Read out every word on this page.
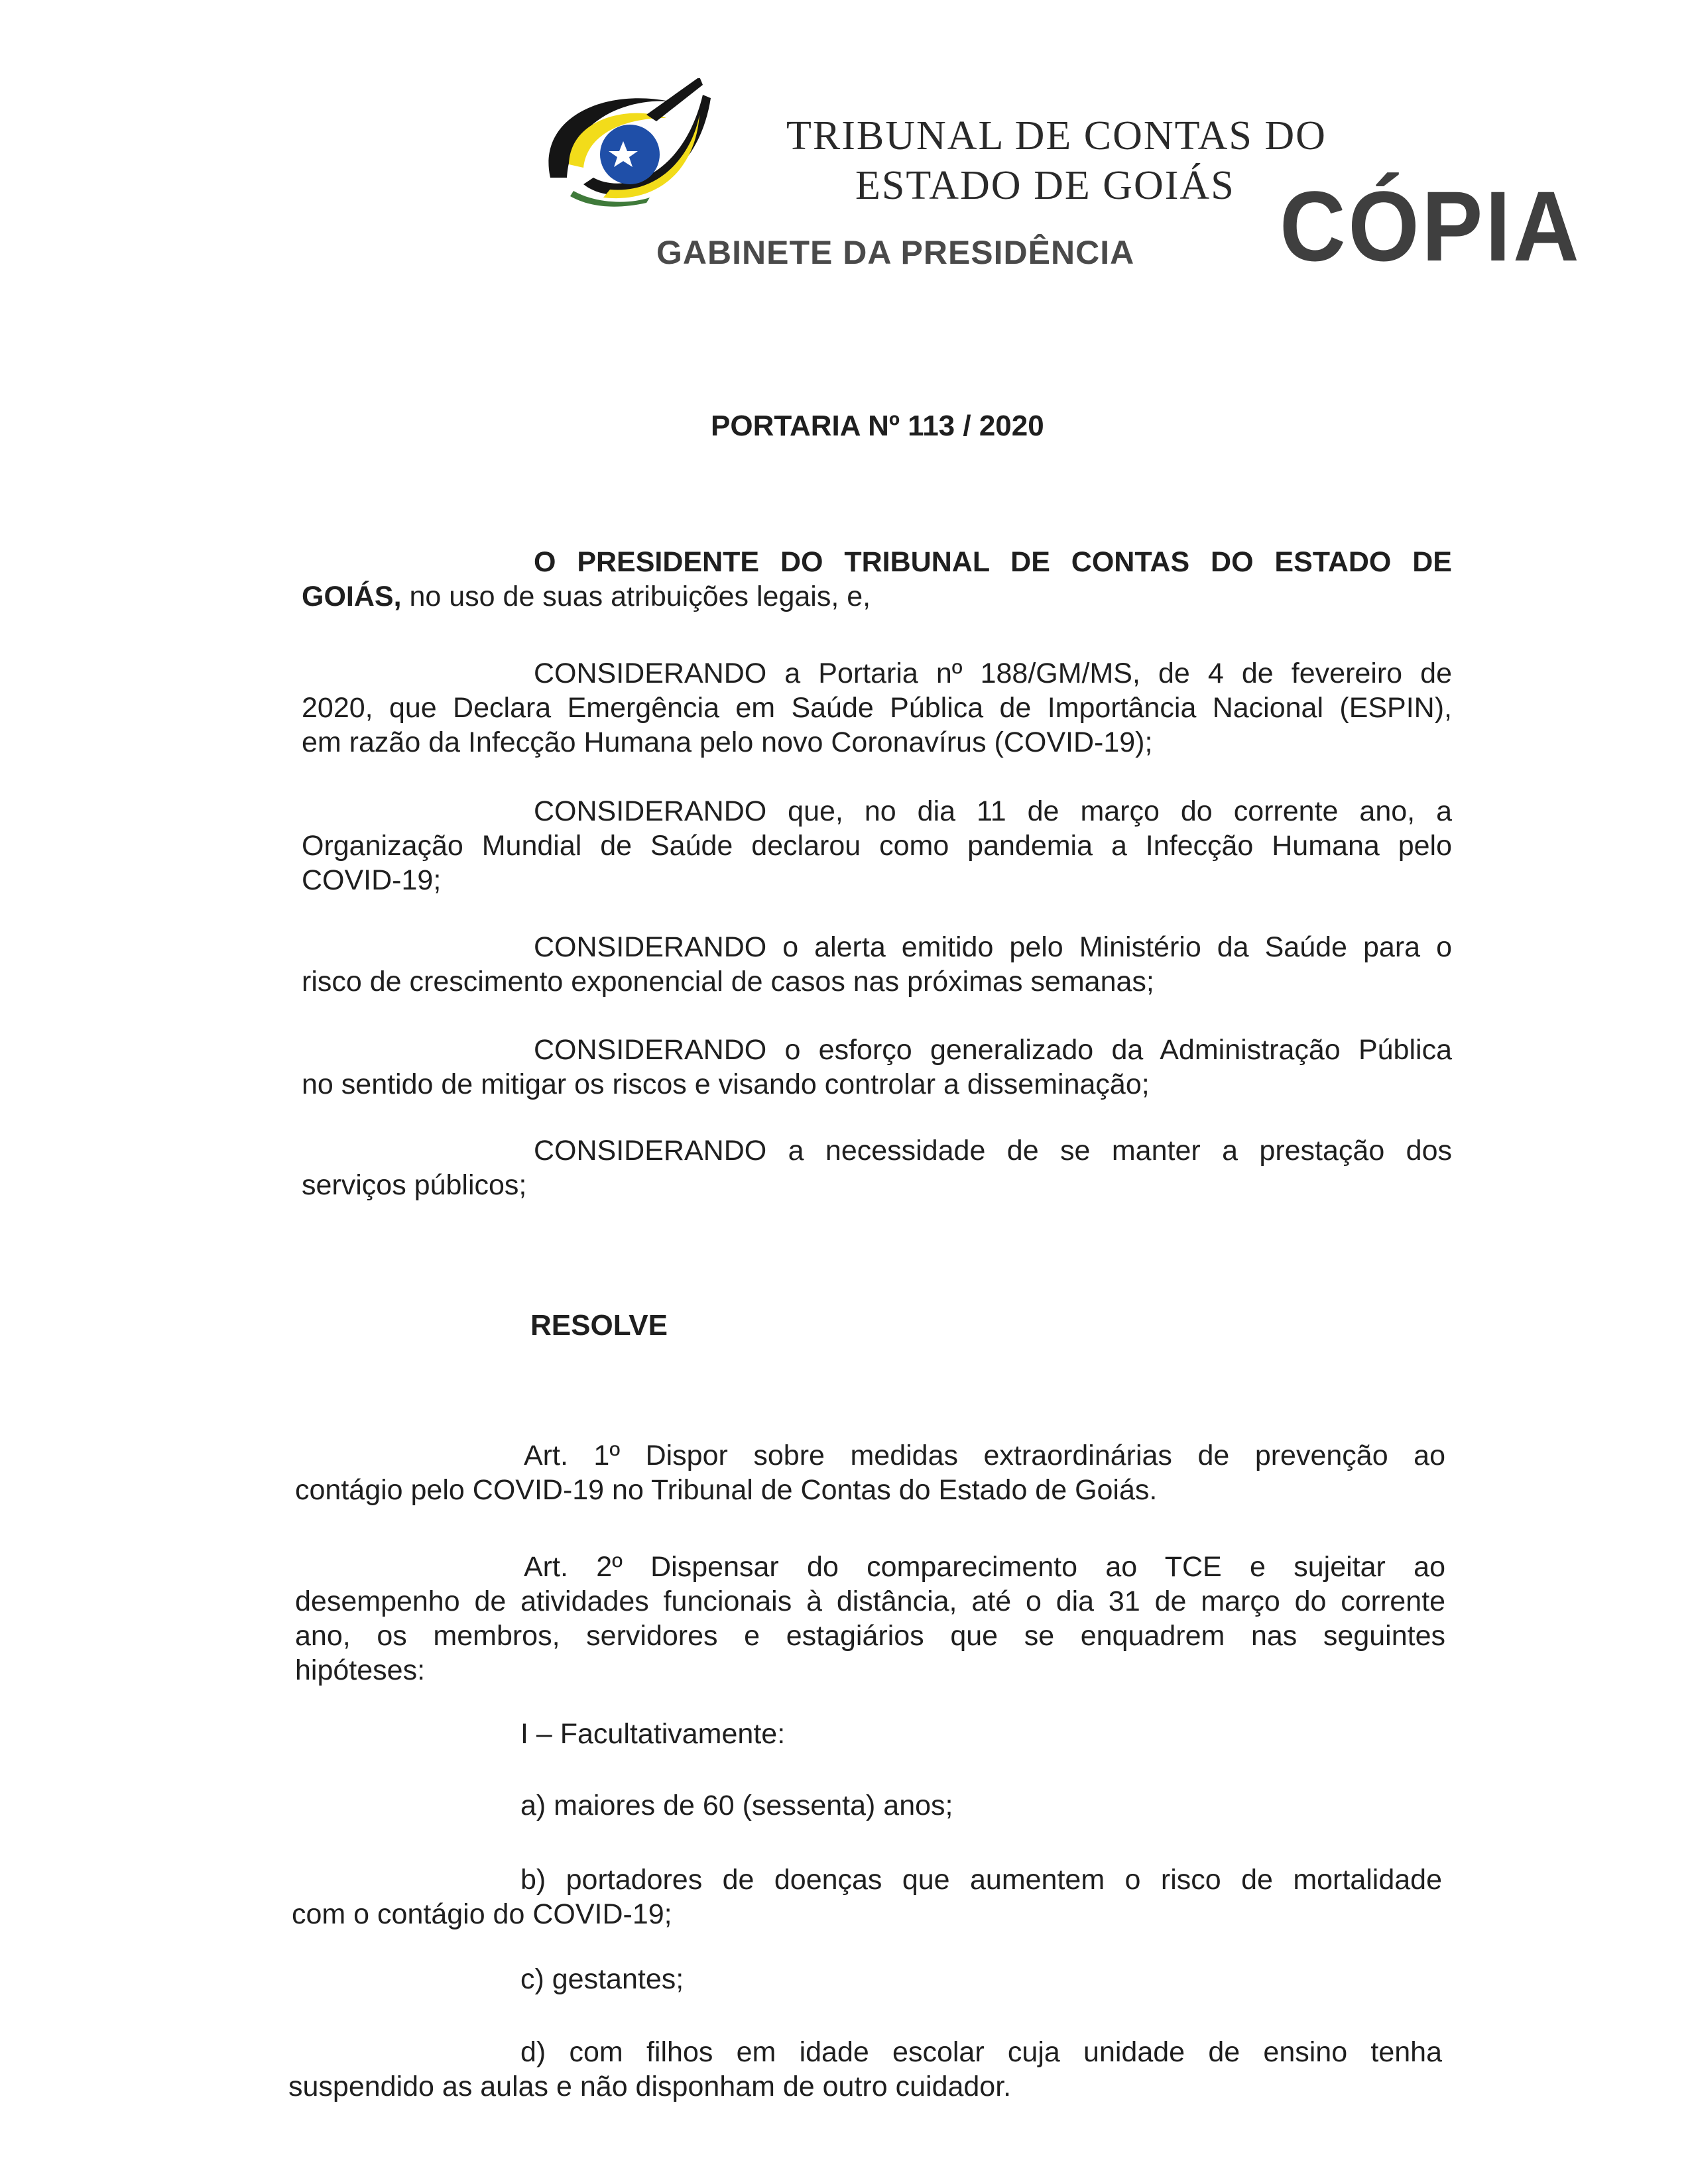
TRIBUNAL DE CONTAS DO
ESTADO DE GOIÁS
GABINETE DA PRESIDÊNCIA CÓPIA
PORTARIA Nº 113 / 2020
O PRESIDENTE DO TRIBUNAL DE CONTAS DO ESTADO DE
GOIÁS, no uso de suas atribuições legais, e,
CONSIDERANDO a Portaria nº 188/GM/MS, de 4 de fevereiro de
2020, que Declara Emergência em Saúde Pública de Importância Nacional (ESPIN),
em razão da Infecção Humana pelo novo Coronavírus (COVID-19);
CONSIDERANDO que, no dia 11 de março do corrente ano, a
Organização Mundial de Saúde declarou como pandemia a Infecção Humana pelo
COVID-19;
CONSIDERANDO o alerta emitido pelo Ministério da Saúde para o
risco de crescimento exponencial de casos nas próximas semanas;
CONSIDERANDO o esforço generalizado da Administração Pública
no sentido de mitigar os riscos e visando controlar a disseminação;
CONSIDERANDO a necessidade de se manter a prestação dos
serviços públicos;
RESOLVE
Art. 1º Dispor sobre medidas extraordinárias de prevenção ao
contágio pelo COVID-19 no Tribunal de Contas do Estado de Goiás.
Art. 2º Dispensar do comparecimento ao TCE e sujeitar ao
desempenho de atividades funcionais à distância, até o dia 31 de março do corrente
ano, os membros, servidores e estagiários que se enquadrem nas seguintes
hipóteses:
I – Facultativamente:
a) maiores de 60 (sessenta) anos;
b) portadores de doenças que aumentem o risco de mortalidade
com o contágio do COVID-19;
c) gestantes;
d) com filhos em idade escolar cuja unidade de ensino tenha
suspendido as aulas e não disponham de outro cuidador.
